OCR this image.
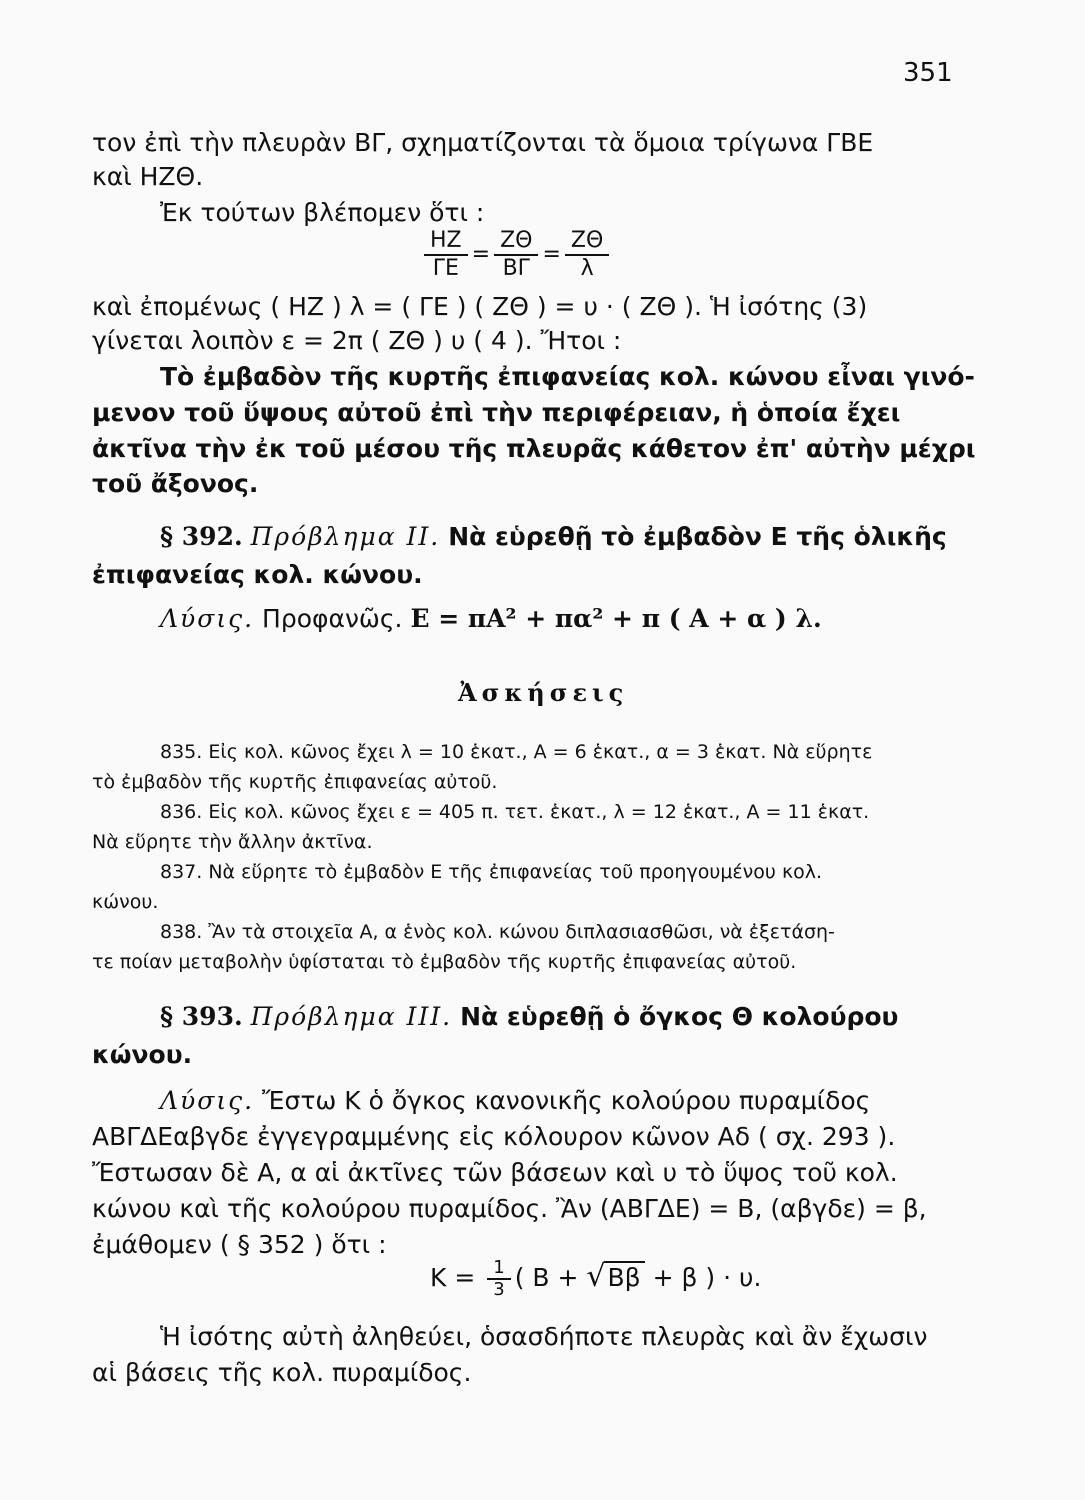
351
τον ἐπὶ τὴν πλευρὰν ΒΓ, σχηματίζονται τὰ ὅμοια τρίγωνα ΓΒΕ
καὶ ΗΖΘ.
Ἐκ τούτων βλέπομεν ὅτι :
$\frac{HZ}{\Gamma E} = \frac{Z\Theta}{B\Gamma} = \frac{Z\Theta}{\lambda}$
καὶ ἐπομένως ( ΗΖ ) λ = ( ΓΕ ) ( ΖΘ ) = υ · ( ΖΘ ). Ἡ ἰσότης (3)
γίνεται λοιπὸν ε = 2π ( ΖΘ ) υ ( 4 ). Ἤτοι :
Τὸ ἐμβαδὸν τῆς κυρτῆς ἐπιφανείας κολ. κώνου εἶναι γινό-
μενον τοῦ ὕψους αὐτοῦ ἐπὶ τὴν περιφέρειαν, ἡ ὁποία ἔχει
ἀκτῖνα τὴν ἐκ τοῦ μέσου τῆς πλευρᾶς κάθετον ἐπ' αὐτὴν μέχρι
τοῦ ἄξονος.
§ 392. Πρόβλημα ΙΙ. Νὰ εὑρεθῇ τὸ ἐμβαδὸν Ε τῆς ὁλικῆς
ἐπιφανείας κολ. κώνου.
Λύσις. Προφανῶς. Ε = πΑ² + πα² + π ( Α + α ) λ.
Ἀσκήσεις
835. Εἰς κολ. κῶνος ἔχει λ = 10 ἑκατ., Α = 6 ἑκατ., α = 3 ἑκατ. Νὰ εὕρητε
τὸ ἐμβαδὸν τῆς κυρτῆς ἐπιφανείας αὐτοῦ.
836. Εἰς κολ. κῶνος ἔχει ε = 405 π. τετ. ἑκατ., λ = 12 ἑκατ., Α = 11 ἑκατ.
Νὰ εὕρητε τὴν ἄλλην ἀκτῖνα.
837. Νὰ εὕρητε τὸ ἐμβαδὸν Ε τῆς ἐπιφανείας τοῦ προηγουμένου κολ.
κώνου.
838. Ἂν τὰ στοιχεῖα Α, α ἑνὸς κολ. κώνου διπλασιασθῶσι, νὰ ἐξετάση-
τε ποίαν μεταβολὴν ὑφίσταται τὸ ἐμβαδὸν τῆς κυρτῆς ἐπιφανείας αὐτοῦ.
§ 393. Πρόβλημα ΙΙΙ. Νὰ εὑρεθῇ ὁ ὄγκος Θ κολούρου
κώνου.
Λύσις. Ἔστω Κ ὁ ὄγκος κανονικῆς κολούρου πυραμίδος
ΑΒΓΔΕαβγδε ἐγγεγραμμένης εἰς κόλουρον κῶνον Αδ ( σχ. 293 ).
Ἔστωσαν δὲ Α, α αἱ ἀκτῖνες τῶν βάσεων καὶ υ τὸ ὕψος τοῦ κολ.
κώνου καὶ τῆς κολούρου πυραμίδος. Ἂν (ΑΒΓΔΕ) = Β, (αβγδε) = β,
ἐμάθομεν ( § 352 ) ὅτι :
$K = \frac{1}{3}$ ( Β + √Ββ + β ) · υ.
Ἡ ἰσότης αὐτὴ ἀληθεύει, ὁσασδήποτε πλευρὰς καὶ ἂν ἔχωσιν
αἱ βάσεις τῆς κολ. πυραμίδος.
